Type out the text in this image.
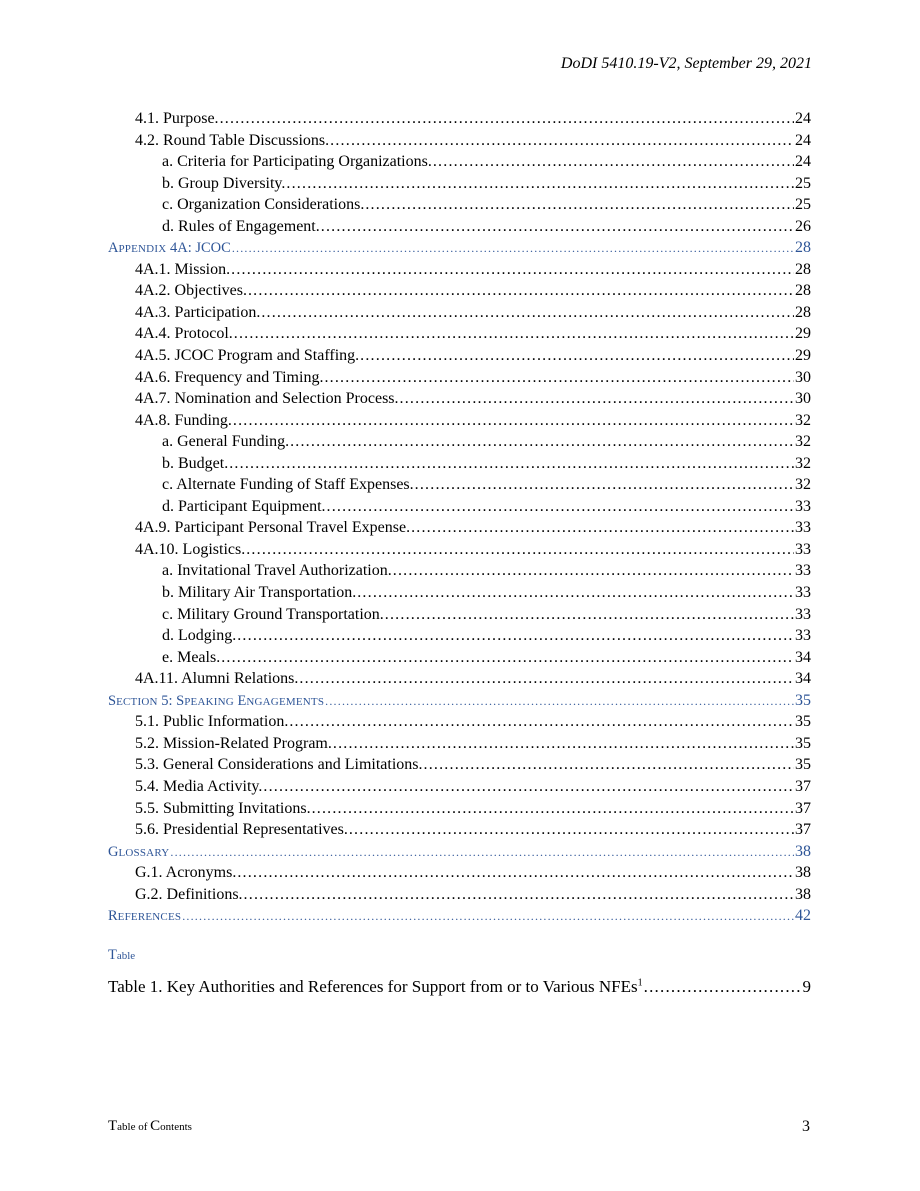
DoDI 5410.19-V2, September 29, 2021
4.1. Purpose. .....	24
4.2. Round Table Discussions. .....	24
a. Criteria for Participating Organizations. .....	24
b. Group Diversity. .....	25
c. Organization Considerations. .....	25
d. Rules of Engagement. .....	26
APPENDIX 4A: JCOC .....	28
4A.1. Mission. .....	28
4A.2. Objectives. .....	28
4A.3. Participation. .....	28
4A.4. Protocol. .....	29
4A.5. JCOC Program and Staffing. .....	29
4A.6. Frequency and Timing. .....	30
4A.7. Nomination and Selection Process. .....	30
4A.8. Funding. .....	32
a. General Funding. .....	32
b. Budget. .....	32
c. Alternate Funding of Staff Expenses. .....	32
d. Participant Equipment. .....	33
4A.9. Participant Personal Travel Expense. .....	33
4A.10. Logistics. .....	33
a. Invitational Travel Authorization. .....	33
b. Military Air Transportation. .....	33
c. Military Ground Transportation. .....	33
d. Lodging. .....	33
e. Meals. .....	34
4A.11. Alumni Relations. .....	34
SECTION 5: SPEAKING ENGAGEMENTS .....	35
5.1. Public Information. .....	35
5.2. Mission-Related Program. .....	35
5.3. General Considerations and Limitations. .....	35
5.4. Media Activity. .....	37
5.5. Submitting Invitations. .....	37
5.6. Presidential Representatives. .....	37
GLOSSARY .....	38
G.1. Acronyms. .....	38
G.2. Definitions. .....	38
REFERENCES .....	42
Table
Table 1. Key Authorities and References for Support from or to Various NFEs$^1$ .....	9
Table of Contents	3
